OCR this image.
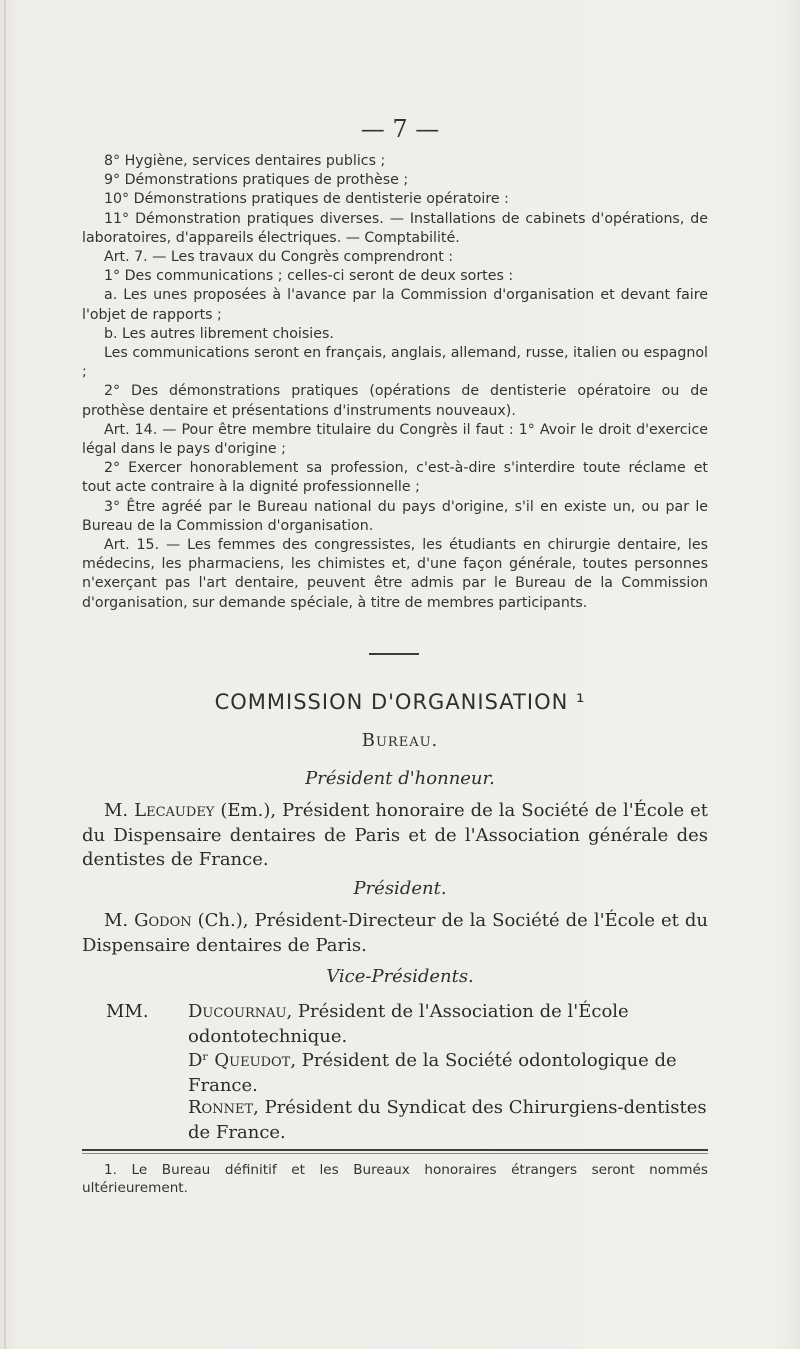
— 7 —

8° Hygiène, services dentaires publics ;

9° Démonstrations pratiques de prothèse ;

10° Démonstrations pratiques de dentisterie opératoire :

11° Démonstration pratiques diverses. — Installations de cabinets d'opérations, de laboratoires, d'appareils électriques. — Comptabilité.

Art. 7. — Les travaux du Congrès comprendront :

1° Des communications ; celles-ci seront de deux sortes :

a. Les unes proposées à l'avance par la Commission d'organisation et devant faire l'objet de rapports ;

b. Les autres librement choisies.

Les communications seront en français, anglais, allemand, russe, italien ou espagnol ;

2° Des démonstrations pratiques (opérations de dentisterie opératoire ou de prothèse dentaire et présentations d'instruments nouveaux).

Art. 14. — Pour être membre titulaire du Congrès il faut : 1° Avoir le droit d'exercice légal dans le pays d'origine ;

2° Exercer honorablement sa profession, c'est-à-dire s'interdire toute réclame et tout acte contraire à la dignité professionnelle ;

3° Être agréé par le Bureau national du pays d'origine, s'il en existe un, ou par le Bureau de la Commission d'organisation.

Art. 15. — Les femmes des congressistes, les étudiants en chirurgie dentaire, les médecins, les pharmaciens, les chimistes et, d'une façon générale, toutes personnes n'exerçant pas l'art dentaire, peuvent être admis par le Bureau de la Commission d'organisation, sur demande spéciale, à titre de membres participants.

COMMISSION D'ORGANISATION ¹
Bureau.
Président d'honneur.
M. Lecaudey (Em.), Président honoraire de la Société de l'École et du Dispensaire dentaires de Paris et de l'Association générale des dentistes de France.
Président.
M. Godon (Ch.), Président-Directeur de la Société de l'École et du Dispensaire dentaires de Paris.
Vice-Présidents.
MM. Ducournau, Président de l'Association de l'École odontotechnique.
Dʳ Queudot, Président de la Société odontologique de France.
Ronnet, Président du Syndicat des Chirurgiens-dentistes de France.
1. Le Bureau définitif et les Bureaux honoraires étrangers seront nommés ultérieurement.
